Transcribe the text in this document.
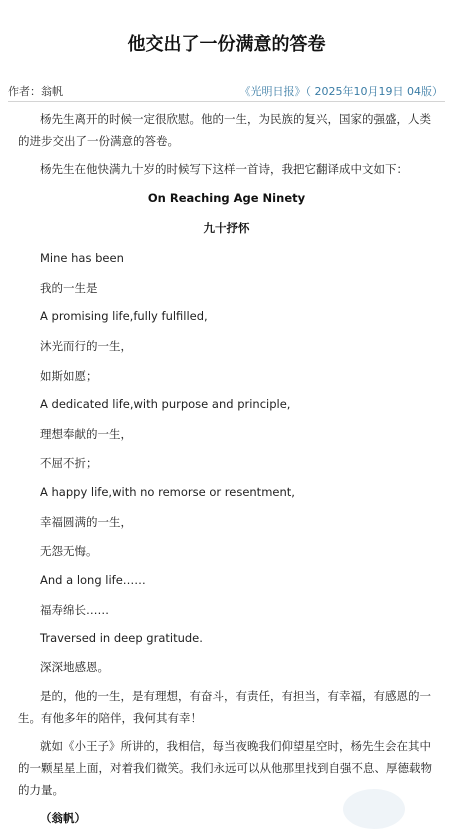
他交出了一份满意的答卷
作者：翁帆	《光明日报》（ 2025年10月19日 04版）

杨先生离开的时候一定很欣慰。他的一生，为民族的复兴，国家的强盛，人类的进步交出了一份满意的答卷。

杨先生在他快满九十岁的时候写下这样一首诗，我把它翻译成中文如下：

On Reaching Age Ninety
九十抒怀
Mine has been
我的一生是
A promising life,fully fulfilled,
沐光而行的一生，
如斯如愿；
A dedicated life,with purpose and principle,
理想奉献的一生，
不屈不折；
A happy life,with no remorse or resentment,
幸福圆满的一生，
无怨无悔。
And a long life……
福寿绵长……
Traversed in deep gratitude.
深深地感恩。

是的，他的一生，是有理想，有奋斗，有责任，有担当，有幸福，有感恩的一生。有他多年的陪伴，我何其有幸！

就如《小王子》所讲的，我相信，每当夜晚我们仰望星空时，杨先生会在其中的一颗星星上面，对着我们微笑。我们永远可以从他那里找到自强不息、厚德载物的力量。

（翁帆）
